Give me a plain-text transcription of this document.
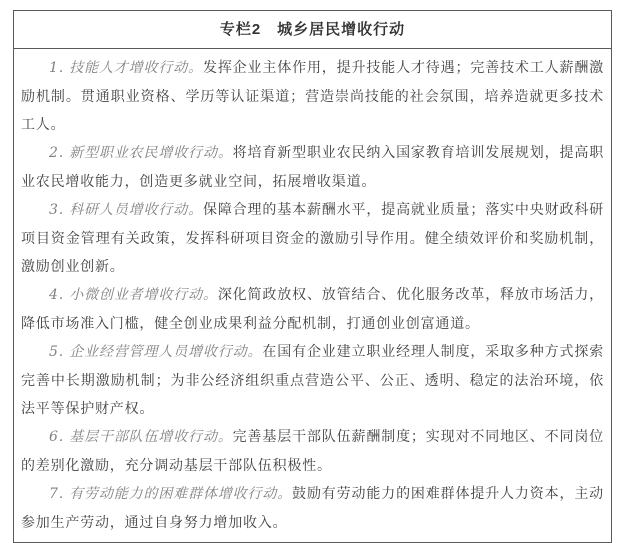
专栏2　城乡居民增收行动

1. 技能人才增收行动。发挥企业主体作用，提升技能人才待遇；完善技术工人薪酬激励机制。贯通职业资格、学历等认证渠道；营造崇尚技能的社会氛围，培养造就更多技术工人。

2. 新型职业农民增收行动。将培育新型职业农民纳入国家教育培训发展规划，提高职业农民增收能力，创造更多就业空间，拓展增收渠道。

3. 科研人员增收行动。保障合理的基本薪酬水平，提高就业质量；落实中央财政科研项目资金管理有关政策，发挥科研项目资金的激励引导作用。健全绩效评价和奖励机制，激励创业创新。

4. 小微创业者增收行动。深化简政放权、放管结合、优化服务改革，释放市场活力，降低市场准入门槛，健全创业成果利益分配机制，打通创业创富通道。

5. 企业经营管理人员增收行动。在国有企业建立职业经理人制度，采取多种方式探索完善中长期激励机制；为非公经济组织重点营造公平、公正、透明、稳定的法治环境，依法平等保护财产权。

6. 基层干部队伍增收行动。完善基层干部队伍薪酬制度；实现对不同地区、不同岗位的差别化激励，充分调动基层干部队伍积极性。

7. 有劳动能力的困难群体增收行动。鼓励有劳动能力的困难群体提升人力资本，主动参加生产劳动，通过自身努力增加收入。
